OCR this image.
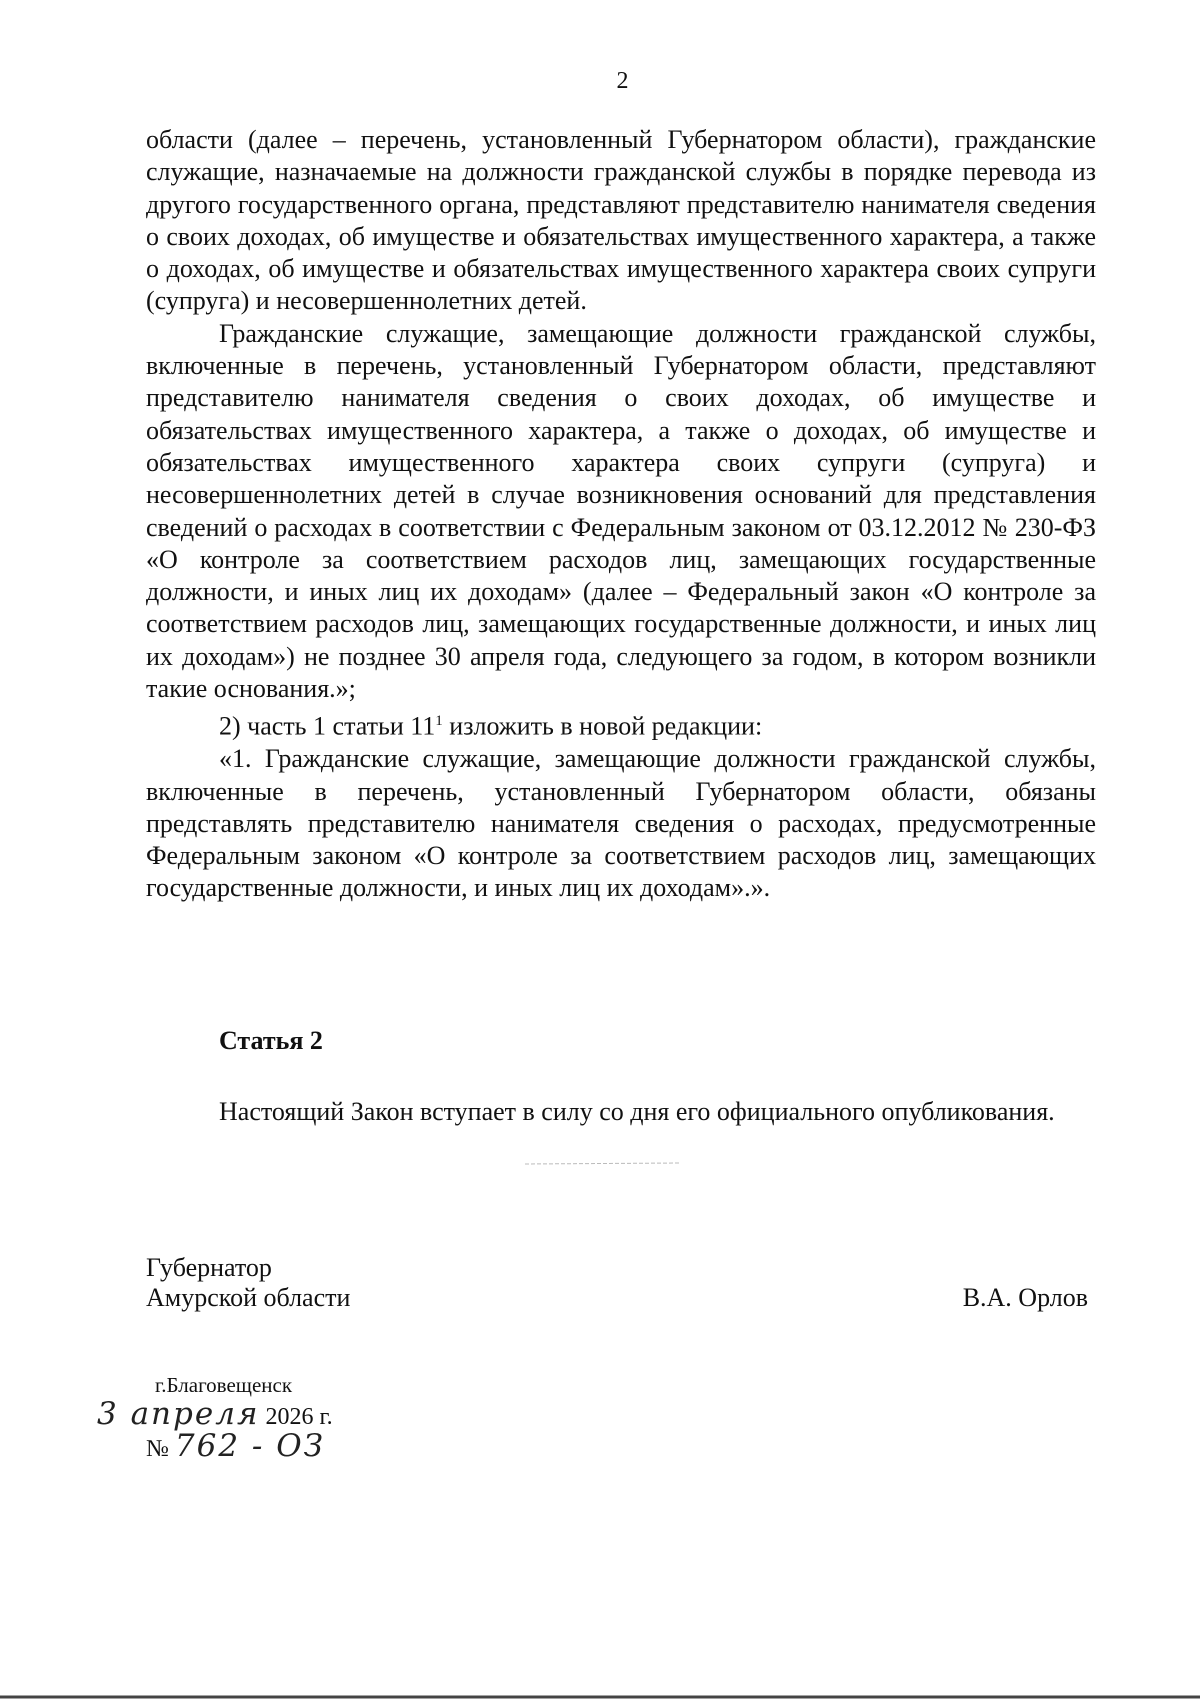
2

области (далее – перечень, установленный Губернатором области), гражданские служащие, назначаемые на должности гражданской службы в порядке перевода из другого государственного органа, представляют представителю нанимателя сведения о своих доходах, об имуществе и обязательствах имущественного характера, а также о доходах, об имуществе и обязательствах имущественного характера своих супруги (супруга) и несовершеннолетних детей.

Гражданские служащие, замещающие должности гражданской службы, включенные в перечень, установленный Губернатором области, представляют представителю нанимателя сведения о своих доходах, об имуществе и обязательствах имущественного характера, а также о доходах, об имуществе и обязательствах имущественного характера своих супруги (супруга) и несовершеннолетних детей в случае возникновения оснований для представления сведений о расходах в соответствии с Федеральным законом от 03.12.2012 № 230-ФЗ «О контроле за соответствием расходов лиц, замещающих государственные должности, и иных лиц их доходам» (далее – Федеральный закон «О контроле за соответствием расходов лиц, замещающих государственные должности, и иных лиц их доходам») не позднее 30 апреля года, следующего за годом, в котором возникли такие основания.»;

2) часть 1 статьи $11^1$ изложить в новой редакции:

«1. Гражданские служащие, замещающие должности гражданской службы, включенные в перечень, установленный Губернатором области, обязаны представлять представителю нанимателя сведения о расходах, предусмотренные Федеральным законом «О контроле за соответствием расходов лиц, замещающих государственные должности, и иных лиц их доходам».».

Статья 2

Настоящий Закон вступает в силу со дня его официального опубликования.

Губернатор
Амурской области	В.А. Орлов
г.Благовещенск
3 апреля 2026 г.
№ 762 - ОЗ
